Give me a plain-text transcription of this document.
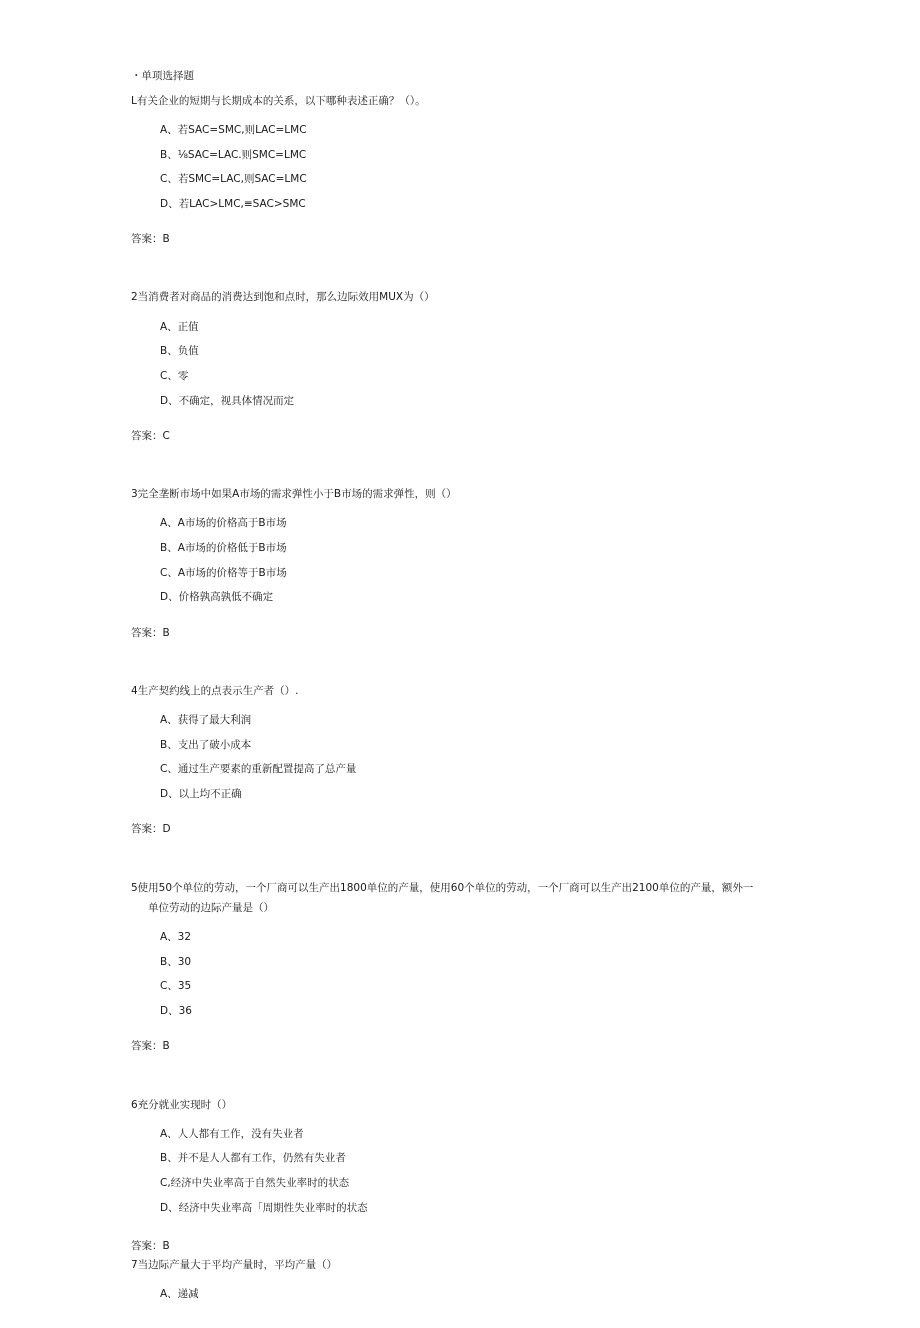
・单项选择题
L有关企业的短期与长期成本的关系，以下哪种表述正确？（）。
A、若SAC=SMC,则LAC=LMC
B、⅛SAC=LAC.则SMC=LMC
C、若SMC=LAC,则SAC=LMC
D、若LAC>LMC,≡SAC>SMC
答案：B
2当消费者对商品的消费达到饱和点时，那么边际效用MUX为（）
A、正值
B、负值
C、零
D、不确定，视具体情况而定
答案：C
3完全垄断市场中如果A市场的需求弹性小于B市场的需求弹性，则（）
A、A市场的价格高于B市场
B、A市场的价格低于B市场
C、A市场的价格等于B市场
D、价格孰高孰低不确定
答案：B
4生产契约线上的点表示生产者（）.
A、获得了最大利润
B、支出了破小成本
C、通过生产要素的重新配置提高了总产量
D、以上均不正确
答案：D
5使用50个单位的劳动，一个厂商可以生产出1800单位的产量，使用60个单位的劳动，一个厂商可以生产出2100单位的产量，额外一
单位劳动的边际产量是（）
A、32
B、30
C、35
D、36
答案：B
6充分就业实现时（）
A、人人都有工作，没有失业者
B、并不是人人都有工作，仍然有失业者
C,经济中失业率高于自然失业率时的状态
D、经济中失业率高「周期性失业率时的状态
答案：B
7当边际产量大于平均产量时，平均产量（）
A、递减
